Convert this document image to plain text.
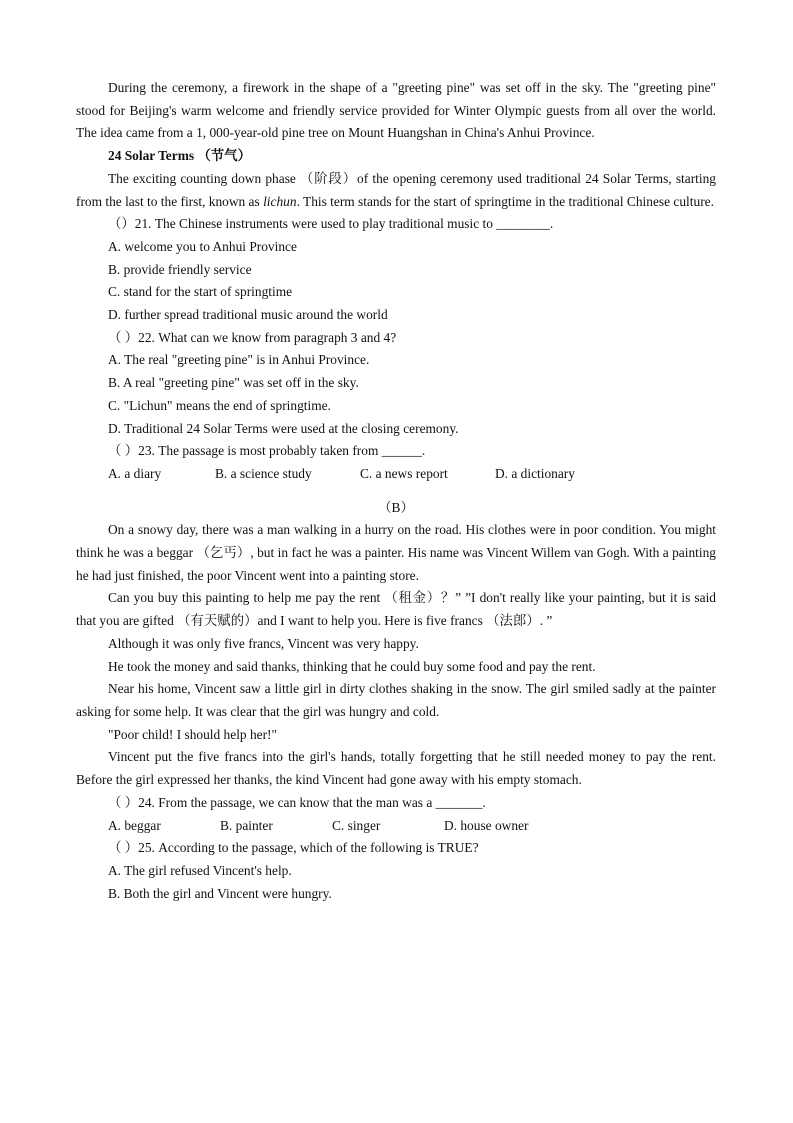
During the ceremony, a firework in the shape of a "greeting pine" was set off in the sky. The "greeting pine" stood for Beijing's warm welcome and friendly service provided for Winter Olympic guests from all over the world. The idea came from a 1, 000-year-old pine tree on Mount Huangshan in China's Anhui Province.

24 Solar Terms （节气）

The exciting counting down phase （阶段）of the opening ceremony used traditional 24 Solar Terms, starting from the last to the first, known as lichun. This term stands for the start of springtime in the traditional Chinese culture.

（）21. The Chinese instruments were used to play traditional music to ________.

A. welcome you to Anhui Province

B. provide friendly service

C. stand for the start of springtime

D. further spread traditional music around the world

（ ）22. What can we know from paragraph 3 and 4?

A. The real "greeting pine" is in Anhui Province.

B. A real "greeting pine" was set off in the sky.

C. "Lichun" means the end of springtime.

D. Traditional 24 Solar Terms were used at the closing ceremony.

（ ）23. The passage is most probably taken from ______.

A. a diary	B. a science study	C. a news report	D. a dictionary

（B）

On a snowy day, there was a man walking in a hurry on the road. His clothes were in poor condition. You might think he was a beggar （乞丐）, but in fact he was a painter. His name was Vincent Willem van Gogh. With a painting he had just finished, the poor Vincent went into a painting store.

Can you buy this painting to help me pay the rent （租金）？” ”I don't really like your painting, but it is said that you are gifted （有天赋的）and I want to help you. Here is five francs （法郎）. ”

Although it was only five francs, Vincent was very happy.

He took the money and said thanks, thinking that he could buy some food and pay the rent.

Near his home, Vincent saw a little girl in dirty clothes shaking in the snow. The girl smiled sadly at the painter asking for some help. It was clear that the girl was hungry and cold.

"Poor child! I should help her!"

Vincent put the five francs into the girl's hands, totally forgetting that he still needed money to pay the rent. Before the girl expressed her thanks, the kind Vincent had gone away with his empty stomach.

（ ）24. From the passage, we can know that the man was a _______.

A. beggar	B. painter	C. singer	D. house owner

（ ）25. According to the passage, which of the following is TRUE?

A. The girl refused Vincent's help.

B. Both the girl and Vincent were hungry.
